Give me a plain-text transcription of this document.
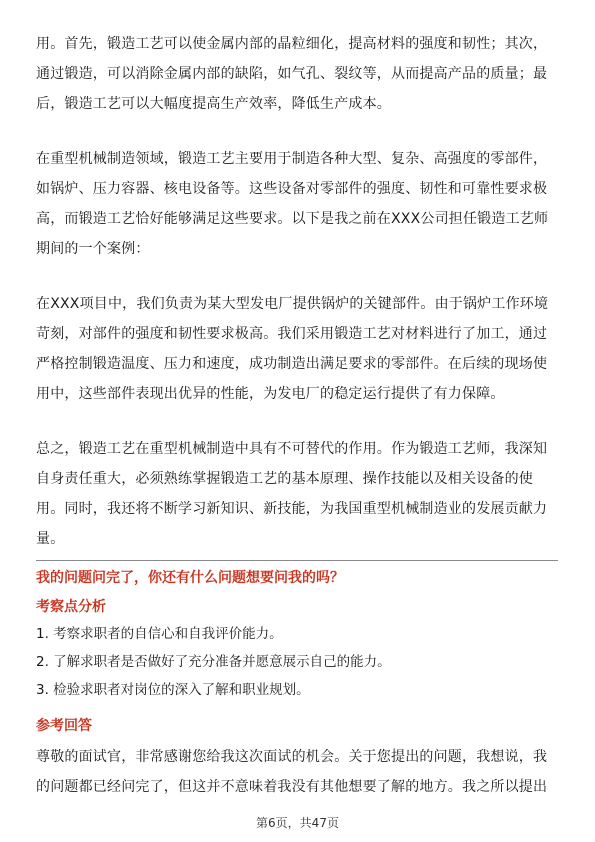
用。首先，锻造工艺可以使金属内部的晶粒细化，提高材料的强度和韧性；其次，
通过锻造，可以消除金属内部的缺陷，如气孔、裂纹等，从而提高产品的质量；最
后，锻造工艺可以大幅度提高生产效率，降低生产成本。

在重型机械制造领域，锻造工艺主要用于制造各种大型、复杂、高强度的零部件，
如锅炉、压力容器、核电设备等。这些设备对零部件的强度、韧性和可靠性要求极
高，而锻造工艺恰好能够满足这些要求。以下是我之前在XXX公司担任锻造工艺师
期间的一个案例：

在XXX项目中，我们负责为某大型发电厂提供锅炉的关键部件。由于锅炉工作环境
苛刻，对部件的强度和韧性要求极高。我们采用锻造工艺对材料进行了加工，通过
严格控制锻造温度、压力和速度，成功制造出满足要求的零部件。在后续的现场使
用中，这些部件表现出优异的性能，为发电厂的稳定运行提供了有力保障。

总之，锻造工艺在重型机械制造中具有不可替代的作用。作为锻造工艺师，我深知
自身责任重大，必须熟练掌握锻造工艺的基本原理、操作技能以及相关设备的使
用。同时，我还将不断学习新知识、新技能，为我国重型机械制造业的发展贡献力
量。

我的问题问完了，你还有什么问题想要问我的吗？
考察点分析
1. 考察求职者的自信心和自我评价能力。
2. 了解求职者是否做好了充分准备并愿意展示自己的能力。
3. 检验求职者对岗位的深入了解和职业规划。
参考回答
尊敬的面试官，非常感谢您给我这次面试的机会。关于您提出的问题，我想说，我
的问题都已经问完了，但这并不意味着我没有其他想要了解的地方。我之所以提出
第6页，共47页
